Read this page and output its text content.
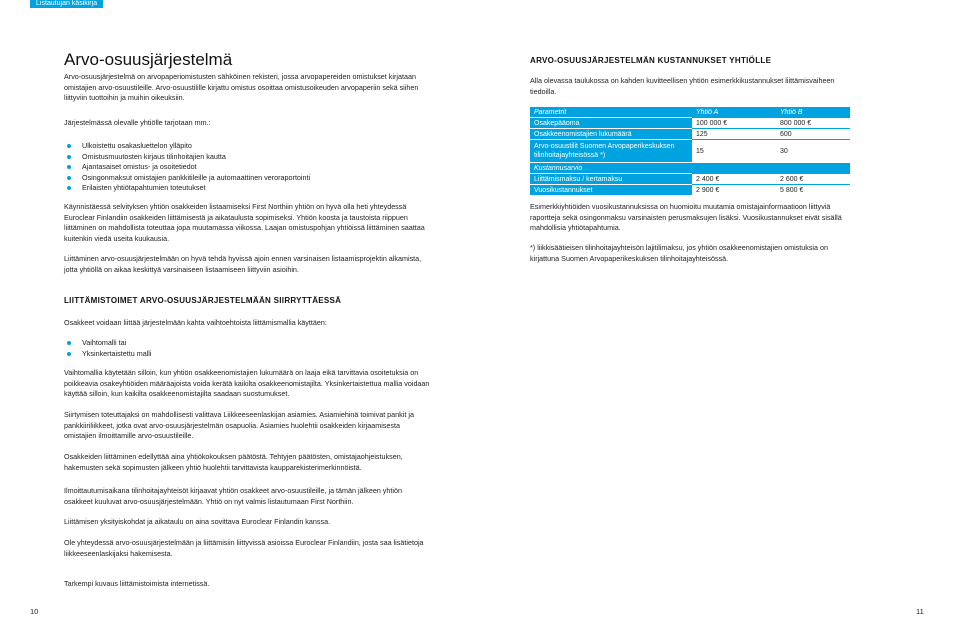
Listautujan käsikirja
Arvo-osuusjärjestelmä

Arvo-osuusjärjestelmä on arvopaperiomistusten sähköinen rekisteri, jossa arvopapereiden omistukset kirjataan omistajien arvo-osuustileille. Arvo-osuustilille kirjattu omistus osoittaa omistusoikeuden arvopaperiin sekä siihen liittyviin tuottoihin ja muihin oikeuksiin.

Järjestelmässä olevalle yhtiölle tarjotaan mm.:

Ulkoistettu osakasluettelon ylläpito
Omistusmuutosten kirjaus tilinhoitajien kautta
Ajantasaiset omistus- ja osoitetiedot
Osingonmaksut omistajien pankkitileille ja automaattinen veroraportointi
Erilaisten yhtiötapahtumien toteutukset

Käynnistäessä selvityksen yhtiön osakkeiden listaamiseksi First Northiin yhtiön on hyvä olla heti yhteydessä Euroclear Finlandiin osakkeiden liittämisestä ja aikataulusta sopimiseksi. Yhtiön koosta ja taustoista riippuen liittäminen on mahdollista toteuttaa jopa muutamassa viikossa. Laajan omistuspohjan yhtiöissä liittäminen saattaa kuitenkin viedä useita kuukausia.

Liittäminen arvo-osuusjärjestelmään on hyvä tehdä hyvissä ajoin ennen varsinaisen listaamisprojektin alkamista, jotta yhtiöllä on aikaa keskittyä varsinaiseen listaamiseen liittyviin asioihin.

ARVO-OSUUSJÄRJESTELMÄN KUSTANNUKSET YHTIÖLLE

Alla olevassa taulukossa on kahden kuvitteellisen yhtiön esimerkkikustannukset liittämisvaiheen tiedoilla.

Parametrit	Yhtiö A	Yhtiö B
Osakepääoma	100 000 €	800 000 €
Osakkeenomistajien lukumäärä	125	600
Arvo-osuustilit Suomen Arvopaperikeskuksen tilinhoitajayhteisössä *)	15	30
Kustannusarvio		
Liittämismaksu / kertamaksu	2 400 €	2 600 €
Vuosikustannukset	2 900 €	5 800 €

Esimerkkiyhtiöiden vuosikustannuksissa on huomioitu muutamia omistajainformaatioon liittyviä raportteja sekä osingonmaksu varsinaisten perusmaksujen lisäksi. Vuosikustannukset eivät sisällä mahdollisia yhtiötapahtumia.

*) liikkisäätieisen tilinhoitajayhteisön lajitilimaksu, jos yhtiön osakkeenomistajien omistuksia on kirjattuna Suomen Arvopaperikeskuksen tilinhoitajayhteisössä.

LIITTÄMISTOIMET ARVO-OSUUSJÄRJESTELMÄÄN SIIRRYTTÄESSÄ

Osakkeet voidaan liittää järjestelmään kahta vaihtoehtoista liittämismallia käyttäen:

Vaihtomalli tai
Yksinkertaistettu malli

Vaihtomallia käytetään silloin, kun yhtiön osakkeenomistajien lukumäärä on laaja eikä tarvittavia osoitetuksia on poikkeavia osakeyhtiöiden määräajoista voida kerätä kaikilta osakkeenomistajilta. Yksinkertaistettua mallia voidaan käyttää silloin, kun kaikilta osakkeenomistajilta saadaan suostumukset.

Siirtymisen toteuttajaksi on mahdollisesti valittava Liikkeeseenlaskijan asiamies. Asiamiehinä toimivat pankit ja pankkiiriliikkeet, jotka ovat arvo-osuusjärjestelmän osapuolia. Asiamies huolehtii osakkeiden kirjaamisesta omistajien ilmoittamille arvo-osuustileille.

Osakkeiden liittäminen edellyttää aina yhtiökokouksen päätöstä. Tehtyjen päätösten, omistajaohjeistuksen, hakemusten sekä sopimusten jälkeen yhtiö huolehtii tarvittavista kaupparekisterimerkinnöistä.

Ilmoittautumisaikana tilinhoitajayhteisöt kirjaavat yhtiön osakkeet arvo-osuustileille, ja tämän jälkeen yhtiön osakkeet kuuluvat arvo-osuusjärjestelmään. Yhtiö on nyt valmis listautumaan First Northiin.

Liittämisen yksityiskohdat ja aikataulu on aina sovittava Euroclear Finlandin kanssa.

Ole yhteydessä arvo-osuusjärjestelmään ja liittämisiin liittyvissä asioissa Euroclear Finlandiin, josta saa lisätietoja liikkeeseenlaskijaksi hakemisesta.

Tarkempi kuvaus liittämistoimista internetissä.

10	11
